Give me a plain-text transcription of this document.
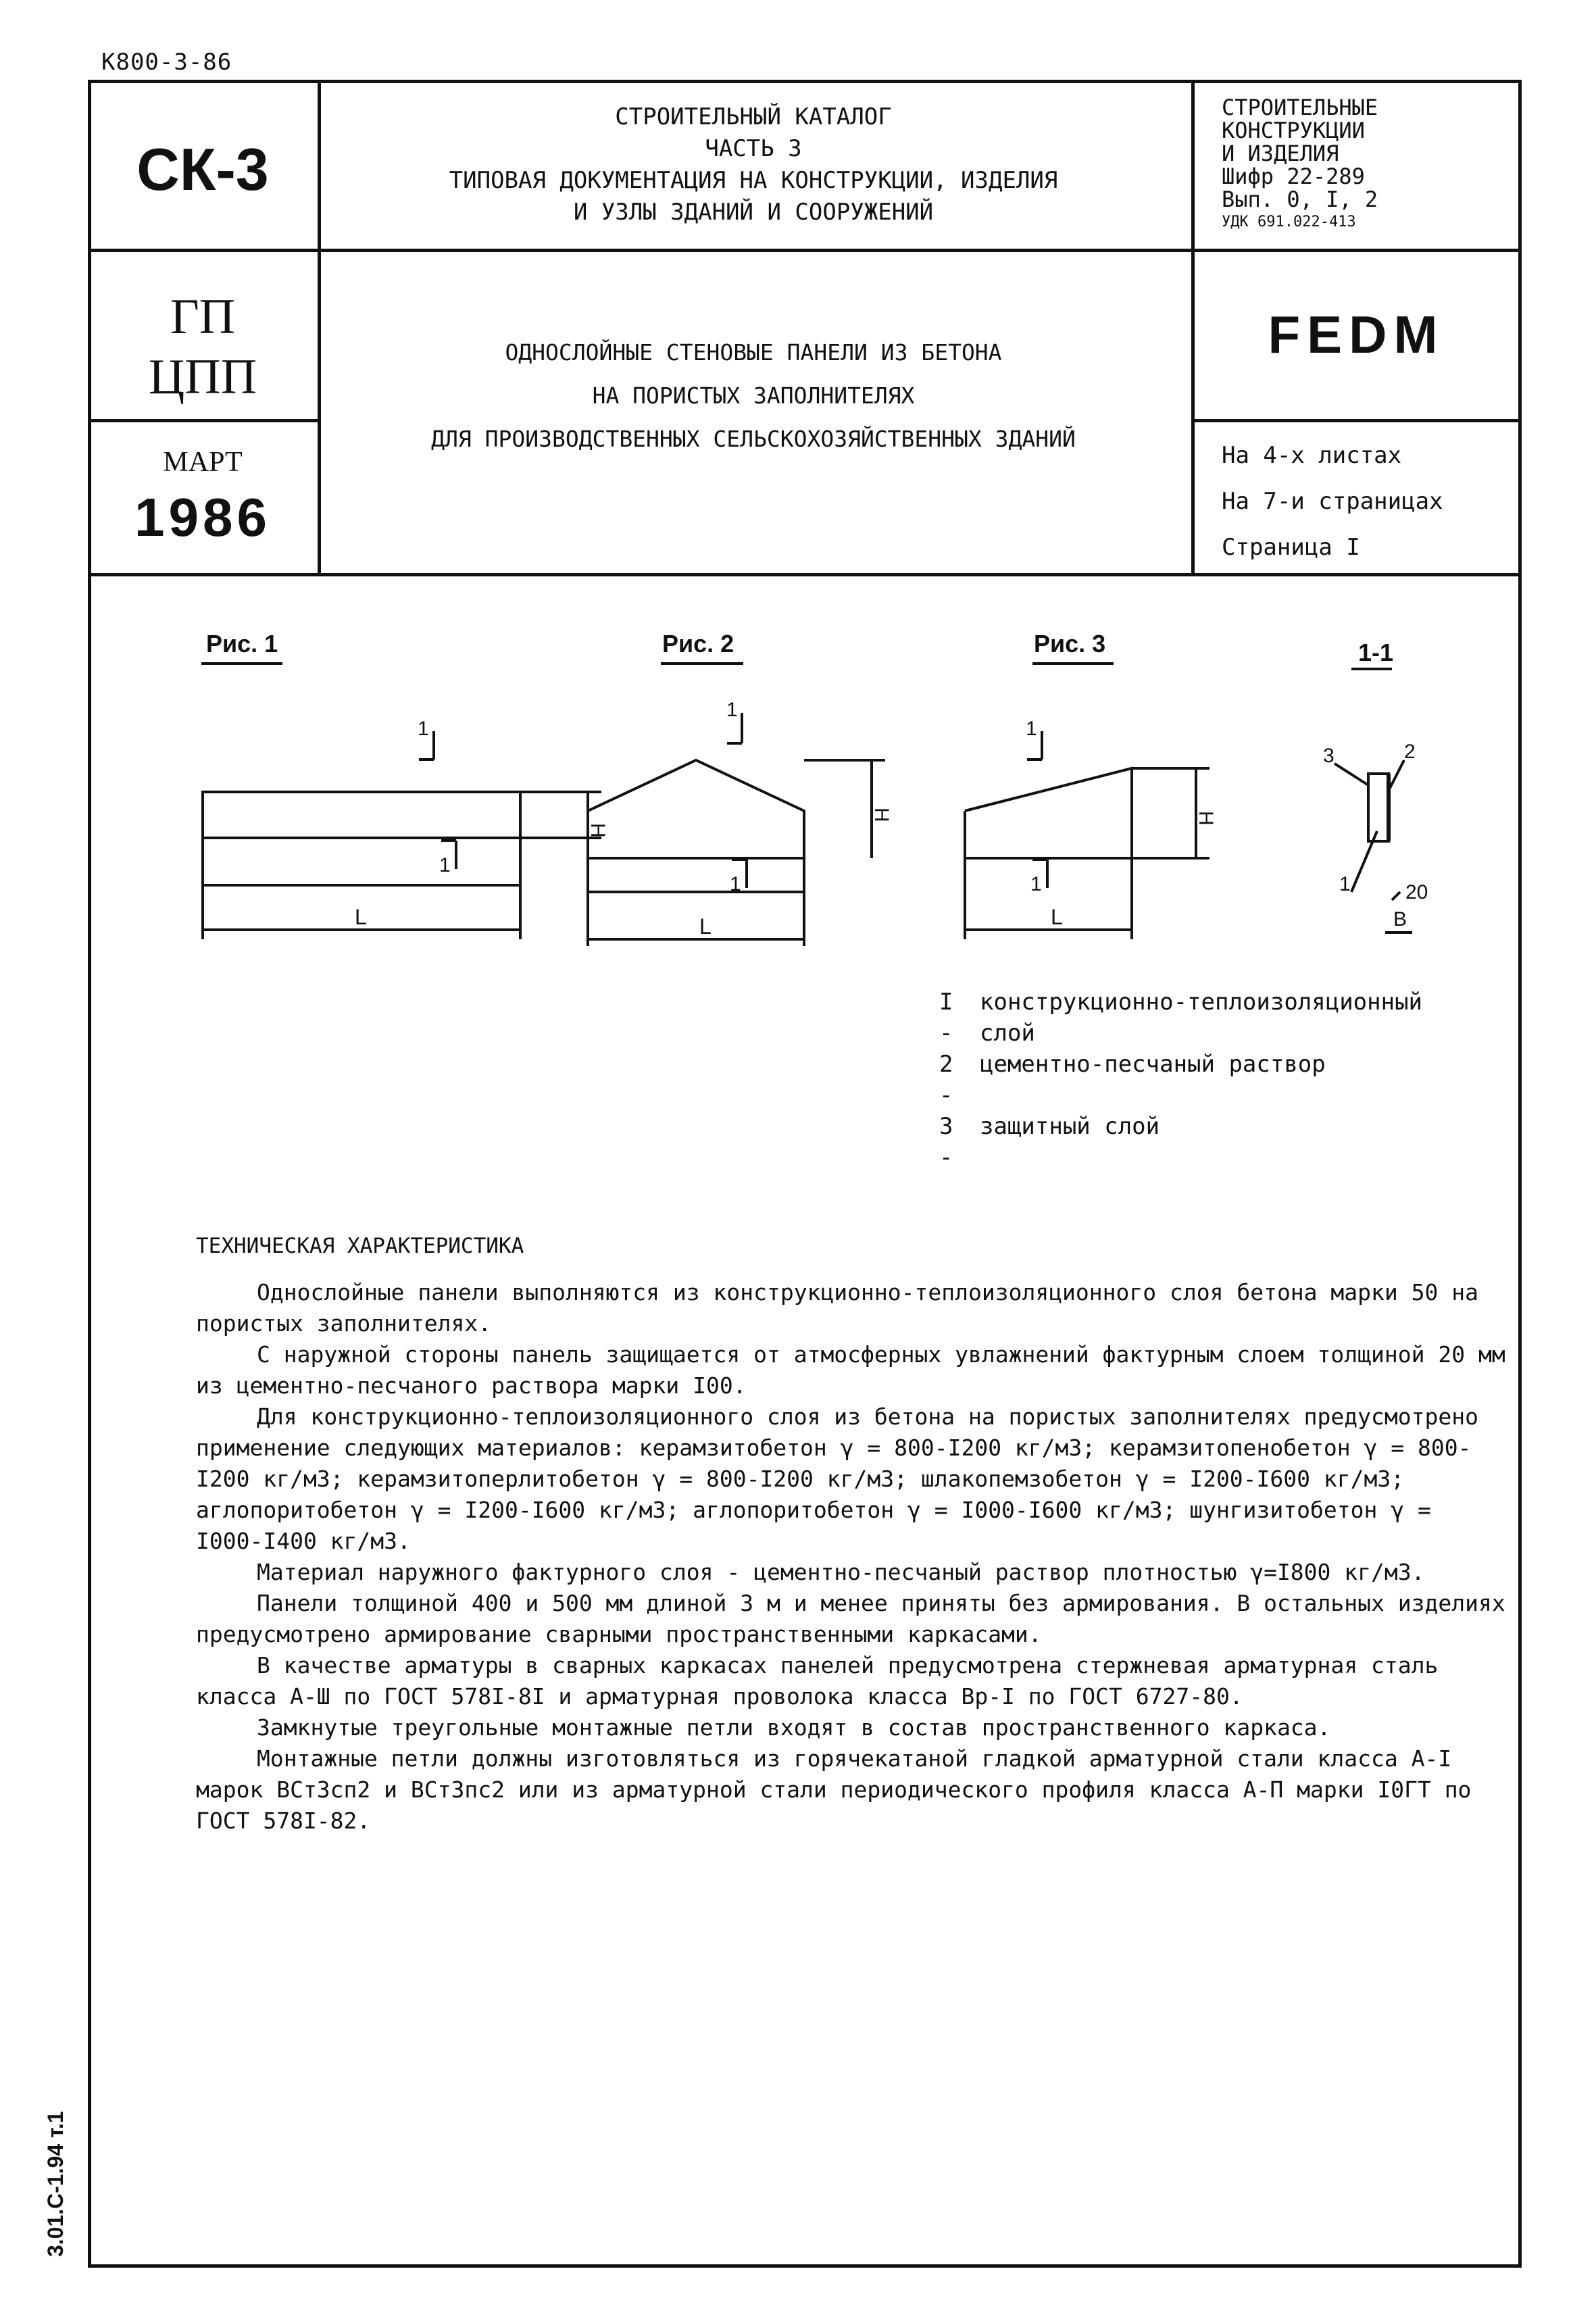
К800-3-86
СК-3
ГП
ЦПП
МАРТ
1986
СТРОИТЕЛЬНЫЙ КАТАЛОГ
ЧАСТЬ 3
ТИПОВАЯ ДОКУМЕНТАЦИЯ НА КОНСТРУКЦИИ, ИЗДЕЛИЯ
И УЗЛЫ ЗДАНИЙ И СООРУЖЕНИЙ
СТРОИТЕЛЬНЫЕ
КОНСТРУКЦИИ
И ИЗДЕЛИЯ
Шифр 22-289
Вып. 0, I, 2
УДК 691.022-413
FEDM
На 4-х листах
На 7-и страницах
Страница I
ОДНОСЛОЙНЫЕ СТЕНОВЫЕ ПАНЕЛИ ИЗ БЕТОНА
НА ПОРИСТЫХ ЗАПОЛНИТЕЛЯХ
ДЛЯ ПРОИЗВОДСТВЕННЫХ СЕЛЬСКОХОЗЯЙСТВЕННЫХ ЗДАНИЙ
Рис. 1	Рис. 2	Рис. 3	1-1
1
1
1
1
1
1
Н
Н	Н
L	L	L
3	2
1	20
В
I -
конструкционно-теплоизоляционный слой
2 -
цементно-песчаный раствор
3 -
защитный слой
ТЕХНИЧЕСКАЯ ХАРАКТЕРИСТИКА

Однослойные панели выполняются из конструкционно-теплоизоляционного слоя бетона марки 50 на пористых заполнителях.

С наружной стороны панель защищается от атмосферных увлажнений фактурным слоем толщиной 20 мм из цементно-песчаного раствора марки I00.

Для конструкционно-теплоизоляционного слоя из бетона на пористых заполнителях предусмотрено применение следующих материалов: керамзитобетон γ = 800-I200 кг/м3; керамзитопенобетон γ = 800-I200 кг/м3; керамзитоперлитобетон γ = 800-I200 кг/м3; шлакопемзобетон γ = I200-I600 кг/м3; аглопоритобетон γ = I200-I600 кг/м3; аглопоритобетон γ = I000-I600 кг/м3; шунгизитобетон γ = I000-I400 кг/м3.

Материал наружного фактурного слоя - цементно-песчаный раствор плотностью γ=I800 кг/м3.

Панели толщиной 400 и 500 мм длиной 3 м и менее приняты без армирования. В остальных изделиях предусмотрено армирование сварными пространственными каркасами.

В качестве арматуры в сварных каркасах панелей предусмотрена стержневая арматурная сталь класса А-Ш по ГОСТ 578I-8I и арматурная проволока класса Вр-I по ГОСТ 6727-80.

Замкнутые треугольные монтажные петли входят в состав пространственного каркаса.

Монтажные петли должны изготовляться из горячекатаной гладкой арматурной стали класса А-I марок ВСт3сп2 и ВСт3пс2 или из арматурной стали периодического профиля класса А-П марки I0ГТ по ГОСТ 578I-82.

3.01.С-1.94 т.1
